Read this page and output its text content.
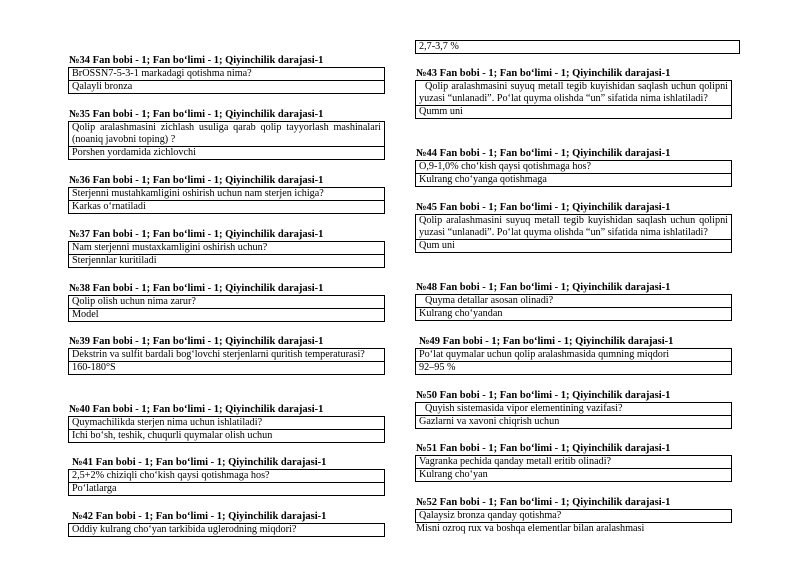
№34 Fan bobi - 1; Fan boʻlimi - 1; Qiyinchilik darajasi-1
BrOSSN7-5-3-1 markadagi qotishma nima?
Qalayli bronza
№35 Fan bobi - 1; Fan boʻlimi - 1; Qiyinchilik darajasi-1
Qolip aralashmasini zichlash usuliga qarab qolip tayyorlash mashinalari (noaniq javobni toping) ?
Porshen yordamida zichlovchi
№36 Fan bobi - 1; Fan boʻlimi - 1; Qiyinchilik darajasi-1
Sterjenni mustahkamligini oshirish uchun nam sterjen ichiga?
Karkas oʻrnatiladi
№37 Fan bobi - 1; Fan boʻlimi - 1; Qiyinchilik darajasi-1
Nam sterjenni mustaxkamligini oshirish uchun?
Sterjennlar kuritiladi
№38 Fan bobi - 1; Fan boʻlimi - 1; Qiyinchilik darajasi-1
Qolip olish uchun nima zarur?
Model
№39 Fan bobi - 1; Fan boʻlimi - 1; Qiyinchilik darajasi-1
Dekstrin va sulfit bardali bogʻlovchi sterjenlarni quritish temperaturasi?
160-180°S
№40 Fan bobi - 1; Fan boʻlimi - 1; Qiyinchilik darajasi-1
Quymachilikda sterjen nima uchun ishlatiladi?
Ichi boʻsh, teshik, chuqurli quymalar olish uchun
№41 Fan bobi - 1; Fan boʻlimi - 1; Qiyinchilik darajasi-1
2,5+2% chiziqli choʻkish qaysi qotishmaga hos?
Poʻlatlarga
№42 Fan bobi - 1; Fan boʻlimi - 1; Qiyinchilik darajasi-1
Oddiy kulrang choʻyan tarkibida uglerodning miqdori?
2,7-3,7 %
№43 Fan bobi - 1; Fan boʻlimi - 1; Qiyinchilik darajasi-1
Qolip aralashmasini suyuq metall tegib kuyishidan saqlash uchun qolipni yuzasi “unlanadi”. Poʻlat quyma olishda “un” sifatida nima ishlatiladi?
Qumm uni
№44 Fan bobi - 1; Fan boʻlimi - 1; Qiyinchilik darajasi-1
O,9-1,0% choʻkish qaysi qotishmaga hos?
Kulrang choʻyanga qotishmaga
№45 Fan bobi - 1; Fan boʻlimi - 1; Qiyinchilik darajasi-1
Qolip aralashmasini suyuq metall tegib kuyishidan saqlash uchun qolipni yuzasi “unlanadi”. Poʻlat quyma olishda “un” sifatida nima ishlatiladi?
Qum uni
№48 Fan bobi - 1; Fan boʻlimi - 1; Qiyinchilik darajasi-1
Quyma detallar asosan olinadi?
Kulrang choʻyandan
№49 Fan bobi - 1; Fan boʻlimi - 1; Qiyinchilik darajasi-1
Poʻlat quymalar uchun qolip aralashmasida qumning miqdori
92–95 %
№50 Fan bobi - 1; Fan boʻlimi - 1; Qiyinchilik darajasi-1
Quyish sistemasida vipor elementining vazifasi?
Gazlarni va xavoni chiqrish uchun
№51 Fan bobi - 1; Fan boʻlimi - 1; Qiyinchilik darajasi-1
Vagranka pechida qanday metall eritib olinadi?
Kulrang choʻyan
№52 Fan bobi - 1; Fan boʻlimi - 1; Qiyinchilik darajasi-1
Qalaysiz bronza qanday qotishma?
Misni ozroq rux va boshqa elementlar bilan aralashmasi
